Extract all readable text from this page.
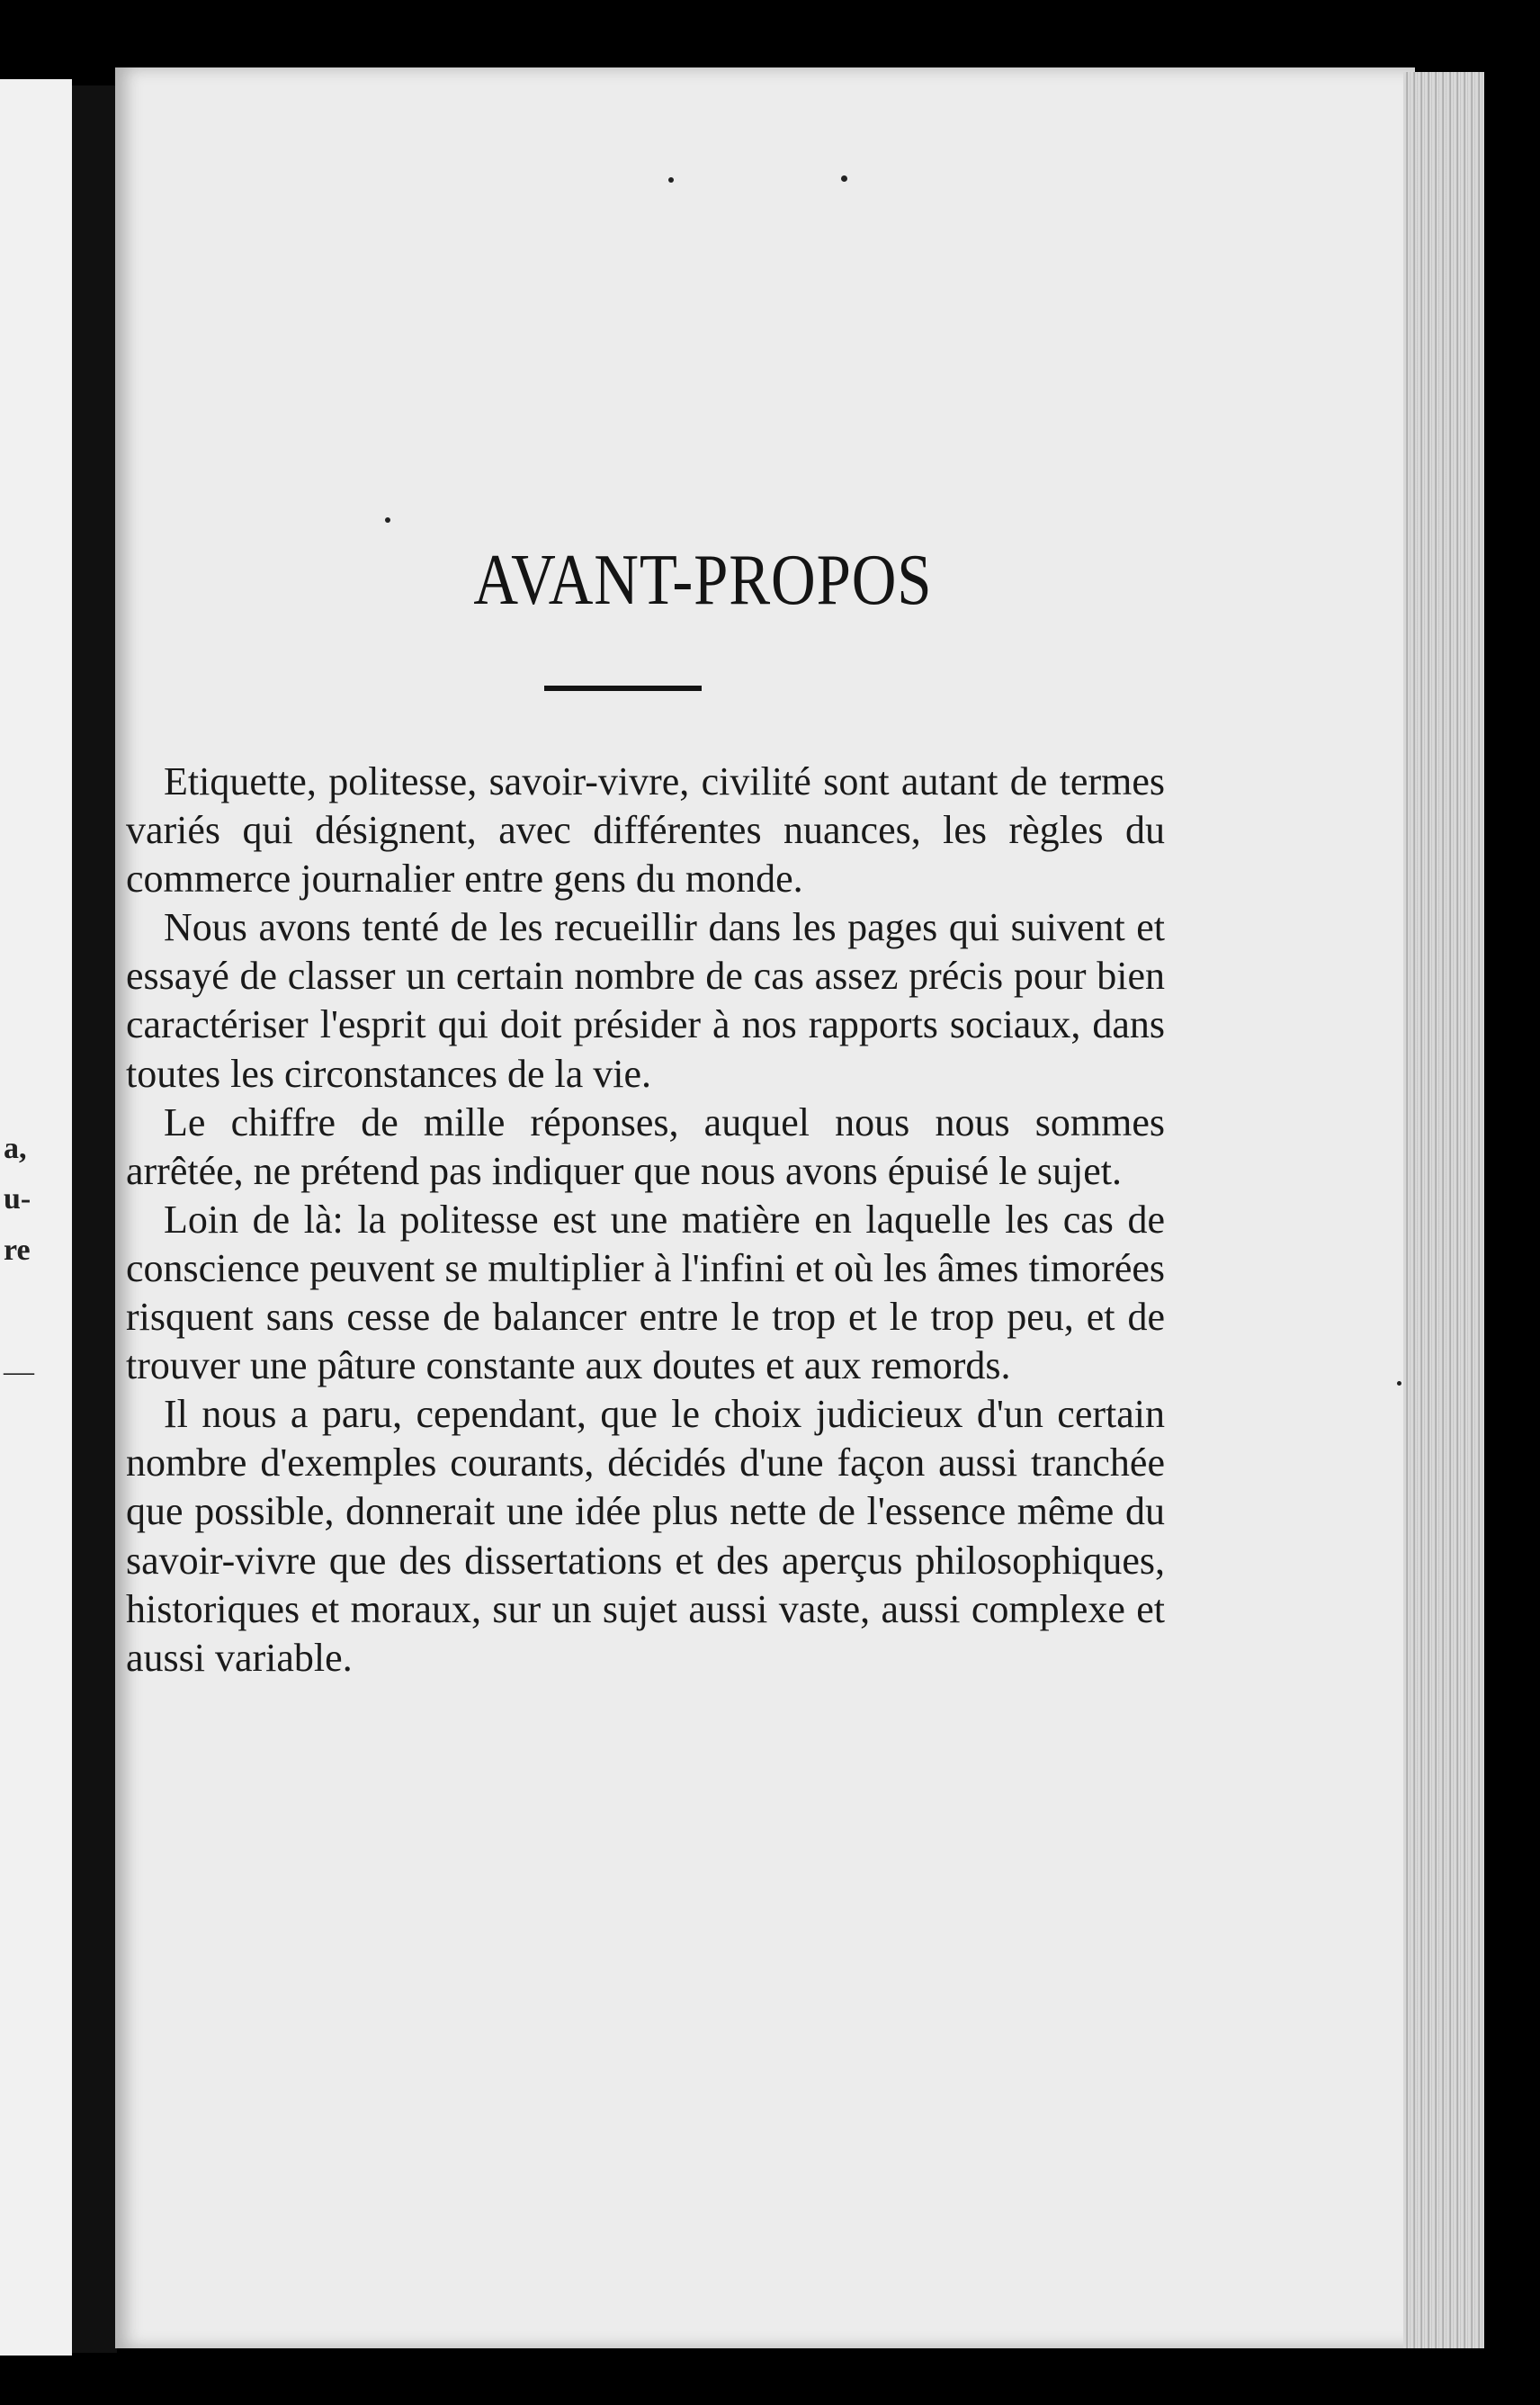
a,
u-
re
—
AVANT-PROPOS

Etiquette, politesse, savoir-vivre, civilité sont autant de termes variés qui désignent, avec différentes nuances, les règles du commerce journalier entre gens du monde.

Nous avons tenté de les recueillir dans les pages qui suivent et essayé de classer un certain nombre de cas assez précis pour bien caractériser l'esprit qui doit présider à nos rapports sociaux, dans toutes les circonstances de la vie.

Le chiffre de mille réponses, auquel nous nous sommes arrêtée, ne prétend pas indiquer que nous avons épuisé le sujet.

Loin de là: la politesse est une matière en laquelle les cas de conscience peuvent se multiplier à l'infini et où les âmes timorées risquent sans cesse de balancer entre le trop et le trop peu, et de trouver une pâture constante aux doutes et aux remords.

Il nous a paru, cependant, que le choix judicieux d'un certain nombre d'exemples courants, décidés d'une façon aussi tranchée que possible, donnerait une idée plus nette de l'essence même du savoir-vivre que des dissertations et des aperçus philosophiques, historiques et moraux, sur un sujet aussi vaste, aussi complexe et aussi variable.
